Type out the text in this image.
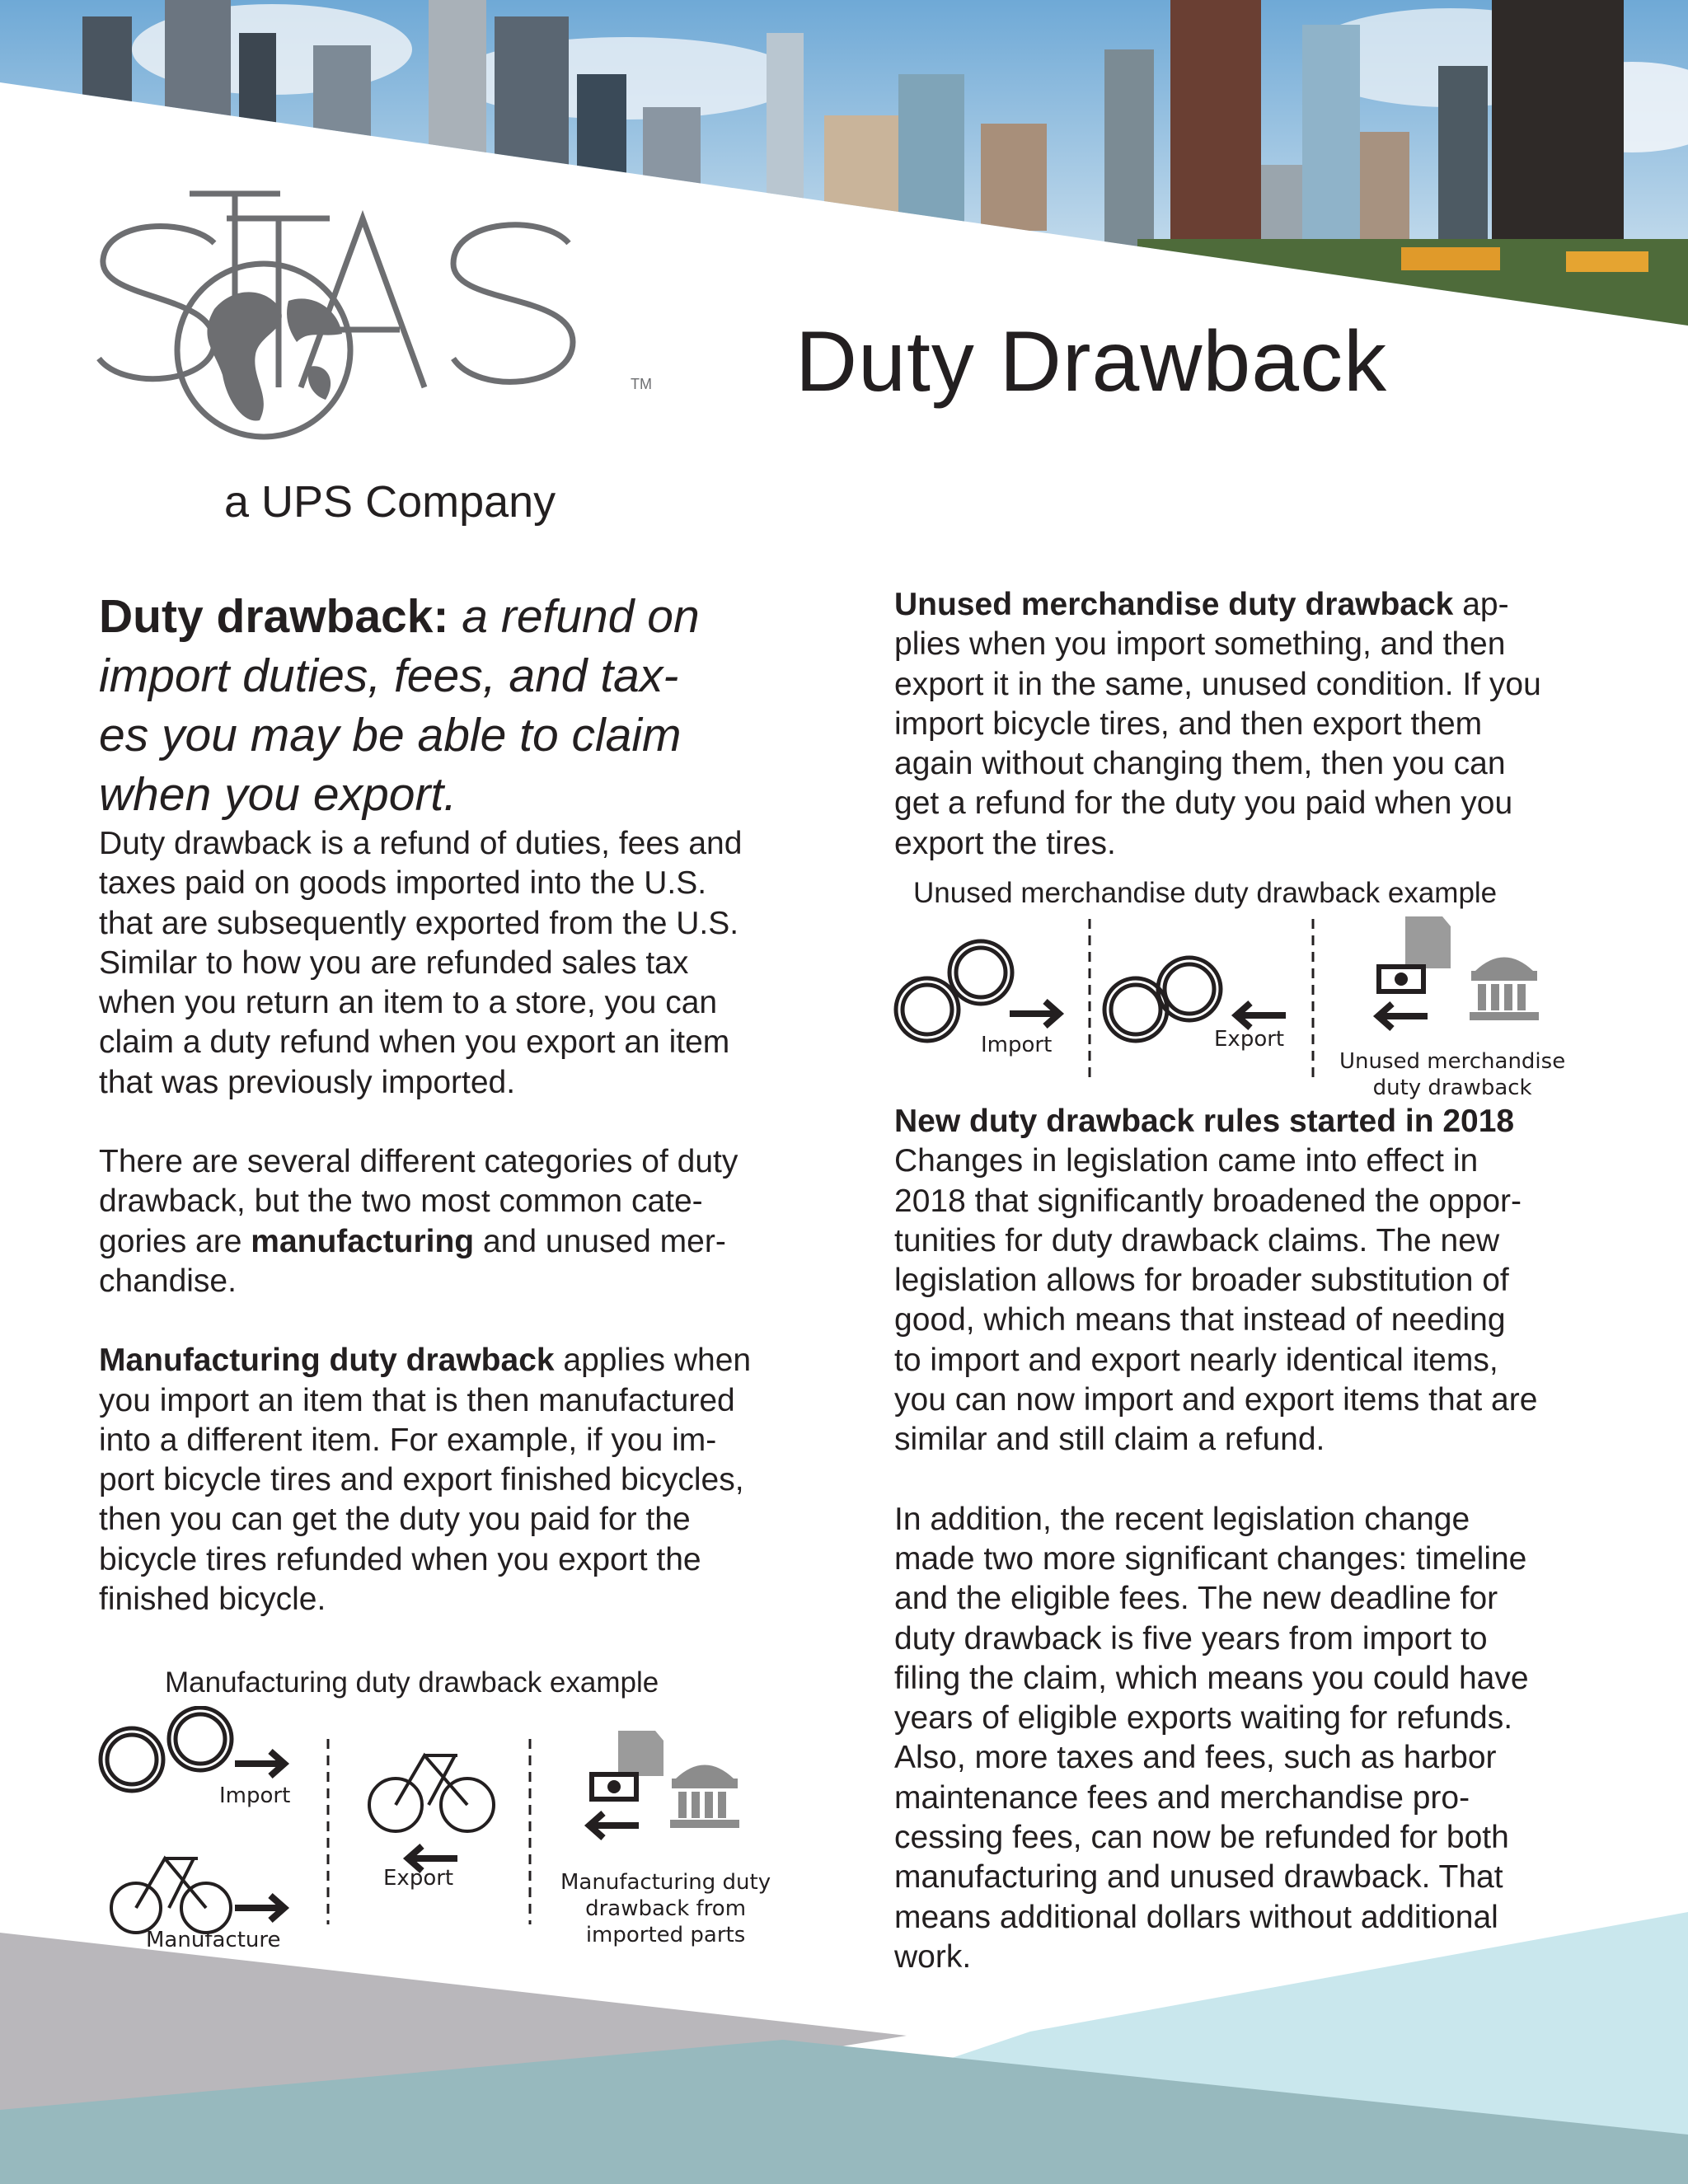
TM
a UPS Company
Duty Drawback

Duty drawback: a refund on
import duties, fees, and tax-
es you may be able to claim
when you export.

Duty drawback is a refund of duties, fees and
taxes paid on goods imported into the U.S.
that are subsequently exported from the U.S.
Similar to how you are refunded sales tax
when you return an item to a store, you can
claim a duty refund when you export an item
that was previously imported.

There are several different categories of duty
drawback, but the two most common cate-
gories are manufacturing and unused mer-
chandise.

Manufacturing duty drawback applies when
you import an item that is then manufactured
into a different item. For example, if you im-
port bicycle tires and export finished bicycles,
then you can get the duty you paid for the
bicycle tires refunded when you export the
finished bicycle.

Manufacturing duty drawback example
Import
Manufacture
Export	Manufacturing duty
drawback from
imported parts

Unused merchandise duty drawback ap-
plies when you import something, and then
export it in the same, unused condition. If you
import bicycle tires, and then export them
again without changing them, then you can
get a refund for the duty you paid when you
export the tires.

Unused merchandise duty drawback example
Import	Export
Unused merchandise
duty drawback

New duty drawback rules started in 2018
Changes in legislation came into effect in
2018 that significantly broadened the oppor-
tunities for duty drawback claims. The new
legislation allows for broader substitution of
good, which means that instead of needing
to import and export nearly identical items,
you can now import and export items that are
similar and still claim a refund.

In addition, the recent legislation change
made two more significant changes: timeline
and the eligible fees. The new deadline for
duty drawback is five years from import to
filing the claim, which means you could have
years of eligible exports waiting for refunds.
Also, more taxes and fees, such as harbor
maintenance fees and merchandise pro-
cessing fees, can now be refunded for both
manufacturing and unused drawback. That
means additional dollars without additional
work.
